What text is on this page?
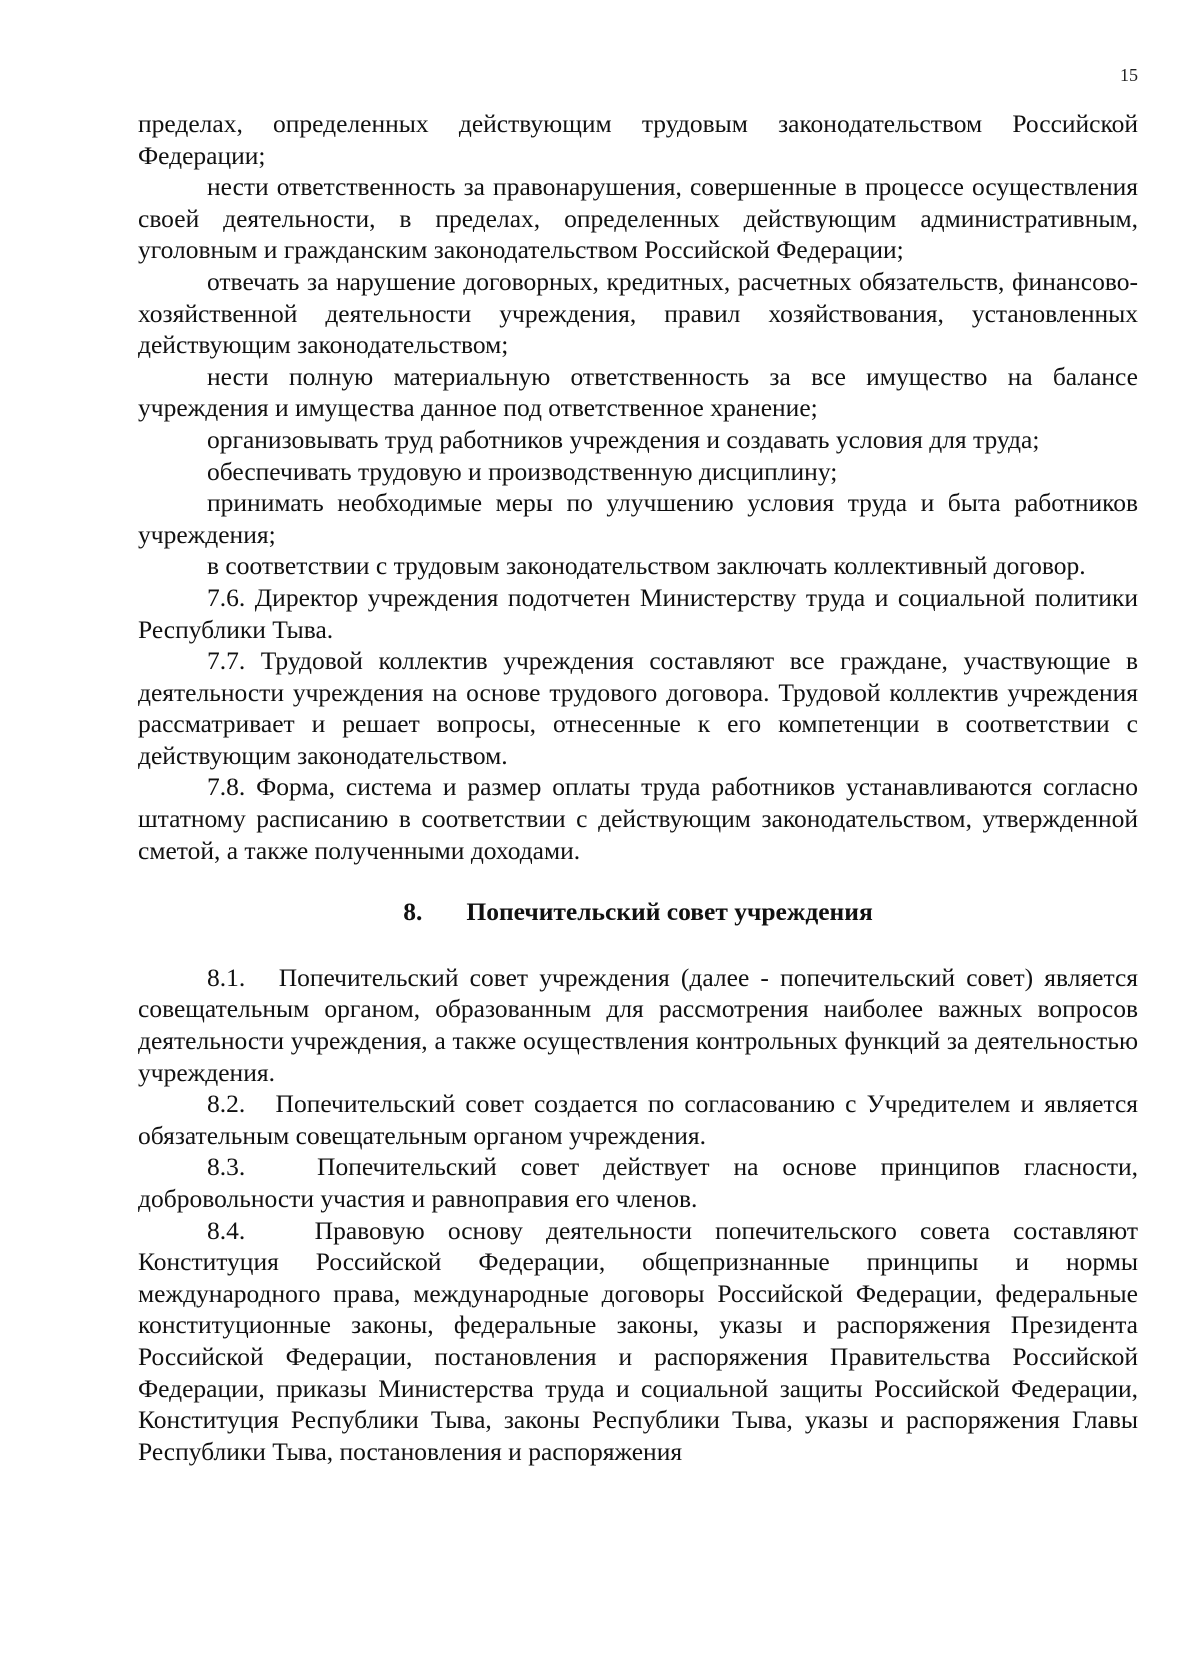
15

пределах, определенных действующим трудовым законодательством Российской Федерации;

нести ответственность за правонарушения, совершенные в процессе осуществления своей деятельности, в пределах, определенных действующим административным, уголовным и гражданским законодательством Российской Федерации;

отвечать за нарушение договорных, кредитных, расчетных обязательств, финансово-хозяйственной деятельности учреждения, правил хозяйствования, установленных действующим законодательством;

нести полную материальную ответственность за все имущество на балансе учреждения и имущества данное под ответственное хранение;

организовывать труд работников учреждения и создавать условия для труда;

обеспечивать трудовую и производственную дисциплину;

принимать необходимые меры по улучшению условия труда и быта работников учреждения;

в соответствии с трудовым законодательством заключать коллективный договор.

7.6. Директор учреждения подотчетен Министерству труда и социальной политики Республики Тыва.

7.7. Трудовой коллектив учреждения составляют все граждане, участвующие в деятельности учреждения на основе трудового договора. Трудовой коллектив учреждения рассматривает и решает вопросы, отнесенные к его компетенции в соответствии с действующим законодательством.

7.8. Форма, система и размер оплаты труда работников устанавливаются согласно штатному расписанию в соответствии с действующим законодательством, утвержденной сметой, а также полученными доходами.

8. Попечительский совет учреждения

8.1.   Попечительский совет учреждения (далее - попечительский совет) является совещательным органом, образованным для рассмотрения наиболее важных вопросов деятельности учреждения, а также осуществления контрольных функций за деятельностью учреждения.

8.2.   Попечительский совет создается по согласованию с Учредителем и является обязательным совещательным органом учреждения.

8.3.   Попечительский совет действует на основе принципов гласности, добровольности участия и равноправия его членов.

8.4.   Правовую основу деятельности попечительского совета составляют Конституция Российской Федерации, общепризнанные принципы и нормы международного права, международные договоры Российской Федерации, федеральные конституционные законы, федеральные законы, указы и распоряжения Президента Российской Федерации, постановления и распоряжения Правительства Российской Федерации, приказы Министерства труда и социальной защиты Российской Федерации, Конституция Республики Тыва, законы Республики Тыва, указы и распоряжения Главы Республики Тыва, постановления и распоряжения
